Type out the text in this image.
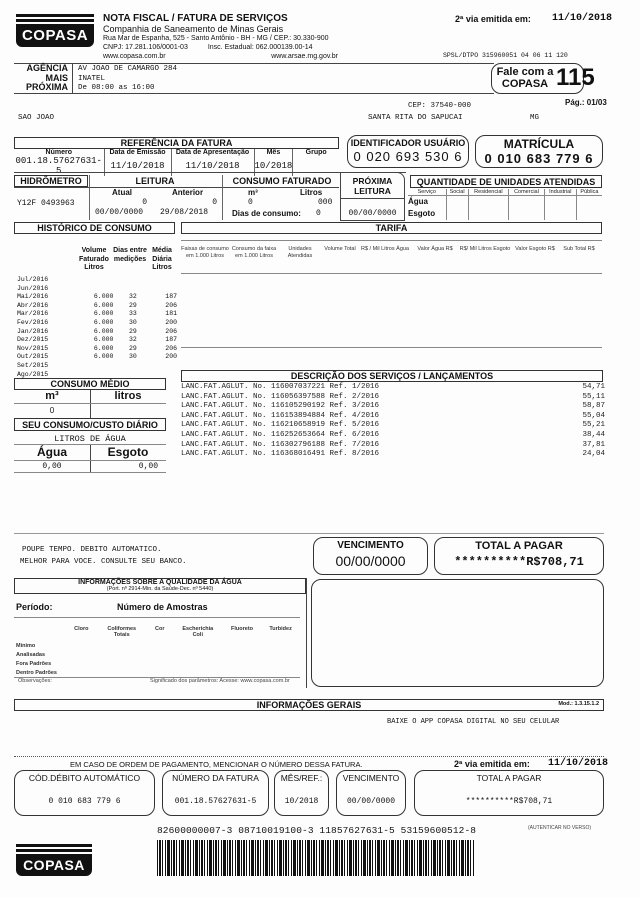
COPASA
NOTA FISCAL / FATURA DE SERVIÇOS
Companhia de Saneamento de Minas Gerais
Rua Mar de Espanha, 525 - Santo Antônio - BH - MG / CEP.: 30.330-900
CNPJ: 17.281.106/0001-03	Insc. Estadual: 062.000139.00-14
www.copasa.com.br	www.arsae.mg.gov.br
2ª via emitida em: 11/10/2018
SPSL/DTPO 315960051 04 06 11 120
AGÊNCIA
MAIS
PRÓXIMA
AV JOAO DE CAMARGO 284
INATEL
De 08:00 as 16:00
Fale com a
COPASA 115
CEP: 37540-000	Pág.: 01/03
SAO JOAO	SANTA RITA DO SAPUCAI	MG
REFERÊNCIA DA FATURA
Número	Data de Emissão	Data de Apresentação	Mês	Grupo
001.18.57627631-5	11/10/2018	11/10/2018	10/2018	
IDENTIFICADOR USUÁRIO
0 020 693 530 6
MATRÍCULA
0 010 683 779 6
HIDRÔMETRO	LEITURA	CONSUMO FATURADO
Y12F 0493963
Atual	Anterior
0	0
00/00/0000 29/08/2018
m³	Litros
0	000
Dias de consumo: 0
PRÓXIMA
LEITURA
00/00/0000
QUANTIDADE DE UNIDADES ATENDIDAS
Serviço	Social	Residencial	Comercial	Industrial	Pública
Água					
Esgoto					
HISTÓRICO DE CONSUMO
Volume Faturado Litros
Dias entre medições
Média Diária Litros
Jul/2016			
Jun/2016			
Mai/2016	6.000	32	187
Abr/2016	6.000	29	206
Mar/2016	6.000	33	181
Fev/2016	6.000	30	200
Jan/2016	6.000	29	206
Dez/2015	6.000	32	187
Nov/2015	6.000	29	206
Out/2015	6.000	30	200
Set/2015			
Ago/2015			
TARIFA
Faixas de consumo em 1.000 Litros
Consumo da faixa em 1.000 Litros
Unidades Atendidas
Volume Total R$ / Mil Litros Água	Valor Água R$	R$/ Mil Litros Esgoto Valor Esgoto R$	Sub Total R$
CONSUMO MÉDIO
m³	litros
0
SEU CONSUMO/CUSTO DIÁRIO
LITROS DE ÁGUA
Água	Esgoto
0,00	0,00
DESCRIÇÃO DOS SERVIÇOS / LANÇAMENTOS
LANC.FAT.AGLUT. No. 116007037221 Ref. 1/2016	54,71
LANC.FAT.AGLUT. No. 116056397588 Ref. 2/2016	55,11
LANC.FAT.AGLUT. No. 116105290192 Ref. 3/2016	58,87
LANC.FAT.AGLUT. No. 116153894884 Ref. 4/2016	55,04
LANC.FAT.AGLUT. No. 116210658919 Ref. 5/2016	55,21
LANC.FAT.AGLUT. No. 116252653664 Ref. 6/2016	38,44
LANC.FAT.AGLUT. No. 116302796188 Ref. 7/2016	37,81
LANC.FAT.AGLUT. No. 116368016491 Ref. 8/2016	24,04
POUPE TEMPO. DEBITO AUTOMATICO.
MELHOR PARA VOCE. CONSULTE SEU BANCO.
VENCIMENTO
00/00/0000
TOTAL A PAGAR
**********R$708,71
INFORMAÇÕES SOBRE A QUALIDADE DA ÁGUA
(Port. nº 2914-Min. da Saúde-Dec. nº 5440)
Período:	Número de Amostras
Cloro	Coliformes Totais
Cor	Escherichia Coli
Fluoreto	Turbidez
Mínimo
Analisadas
Fora Padrões
Dentro Padrões
Observações:	Significado dos parâmetros: Acesse: www.copasa.com.br
INFORMAÇÕES GERAIS	Mod.: 1.3.15.1.2
BAIXE O APP COPASA DIGITAL NO SEU CELULAR
EM CASO DE ORDEM DE PAGAMENTO, MENCIONAR O NÚMERO DESSA FATURA.	2ª via emitida em: 11/10/2018
CÓD.DÉBITO AUTOMÁTICO
0 010 683 779 6
NÚMERO DA FATURA
001.18.57627631-5
MÊS/REF.:
10/2018
VENCIMENTO
00/00/0000
TOTAL A PAGAR
**********R$708,71
82600000007-3 08710019100-3 11857627631-5 53159600512-8	(AUTENTICAR NO VERSO)
COPASA
